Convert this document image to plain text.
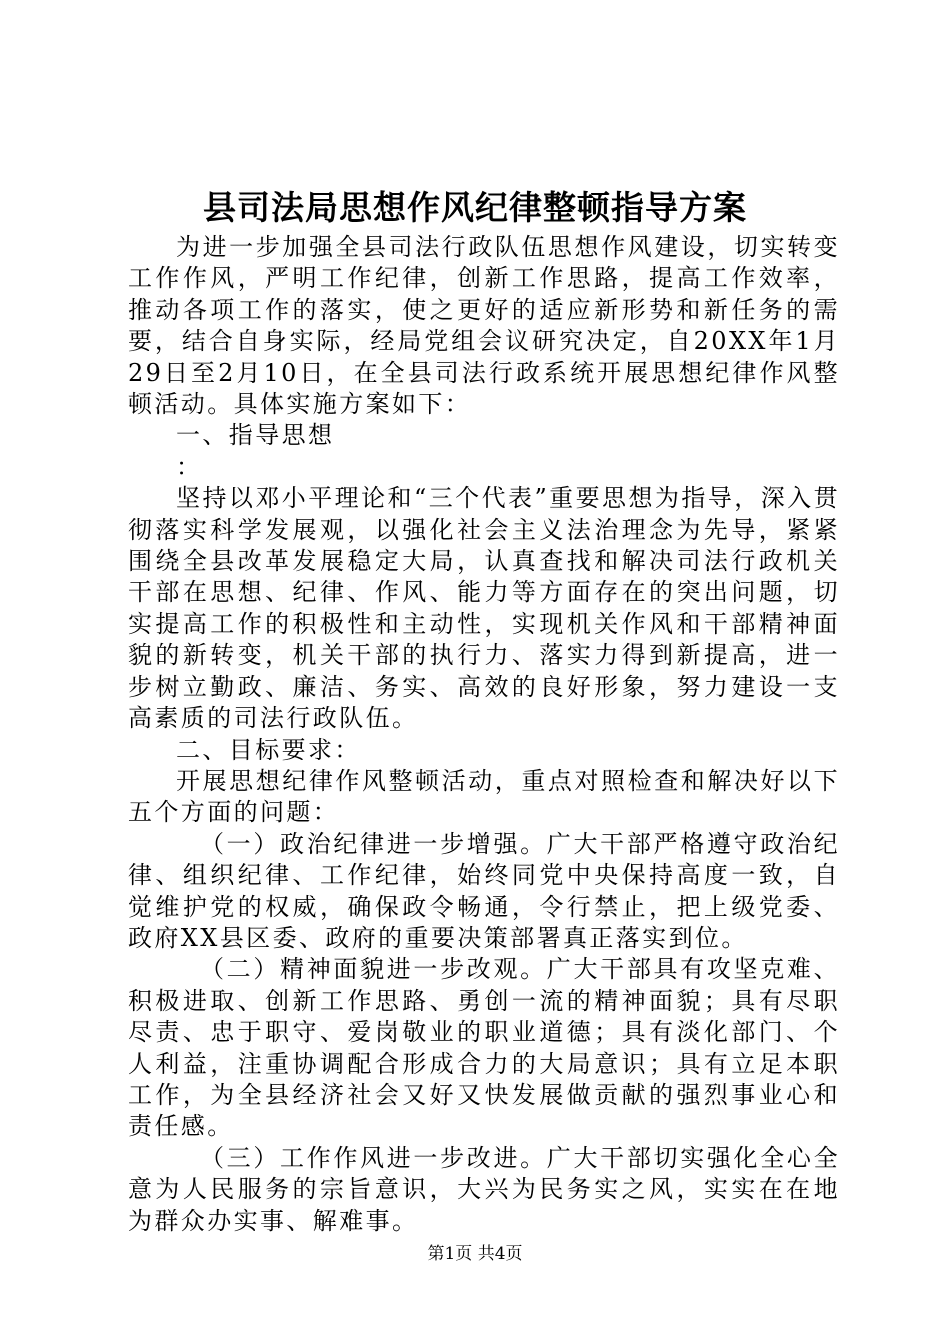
县司法局思想作风纪律整顿指导方案

为进一步加强全县司法行政队伍思想作风建设，切实转变工作作风，严明工作纪律，创新工作思路，提高工作效率，推动各项工作的落实，使之更好的适应新形势和新任务的需要，结合自身实际，经局党组会议研究决定，自20XX年1月29日至2月10日，在全县司法行政系统开展思想纪律作风整顿活动。具体实施方案如下：

一、指导思想

：

坚持以邓小平理论和“三个代表”重要思想为指导，深入贯彻落实科学发展观，以强化社会主义法治理念为先导，紧紧围绕全县改革发展稳定大局，认真查找和解决司法行政机关干部在思想、纪律、作风、能力等方面存在的突出问题，切实提高工作的积极性和主动性，实现机关作风和干部精神面貌的新转变，机关干部的执行力、落实力得到新提高，进一步树立勤政、廉洁、务实、高效的良好形象，努力建设一支高素质的司法行政队伍。

二、目标要求：

开展思想纪律作风整顿活动，重点对照检查和解决好以下五个方面的问题：

（一）政治纪律进一步增强。广大干部严格遵守政治纪律、组织纪律、工作纪律，始终同党中央保持高度一致，自觉维护党的权威，确保政令畅通，令行禁止，把上级党委、政府XX县区委、政府的重要决策部署真正落实到位。

（二）精神面貌进一步改观。广大干部具有攻坚克难、积极进取、创新工作思路、勇创一流的精神面貌；具有尽职尽责、忠于职守、爱岗敬业的职业道德；具有淡化部门、个人利益，注重协调配合形成合力的大局意识；具有立足本职工作，为全县经济社会又好又快发展做贡献的强烈事业心和责任感。

（三）工作作风进一步改进。广大干部切实强化全心全意为人民服务的宗旨意识，大兴为民务实之风，实实在在地为群众办实事、解难事。

第1页 共4页
